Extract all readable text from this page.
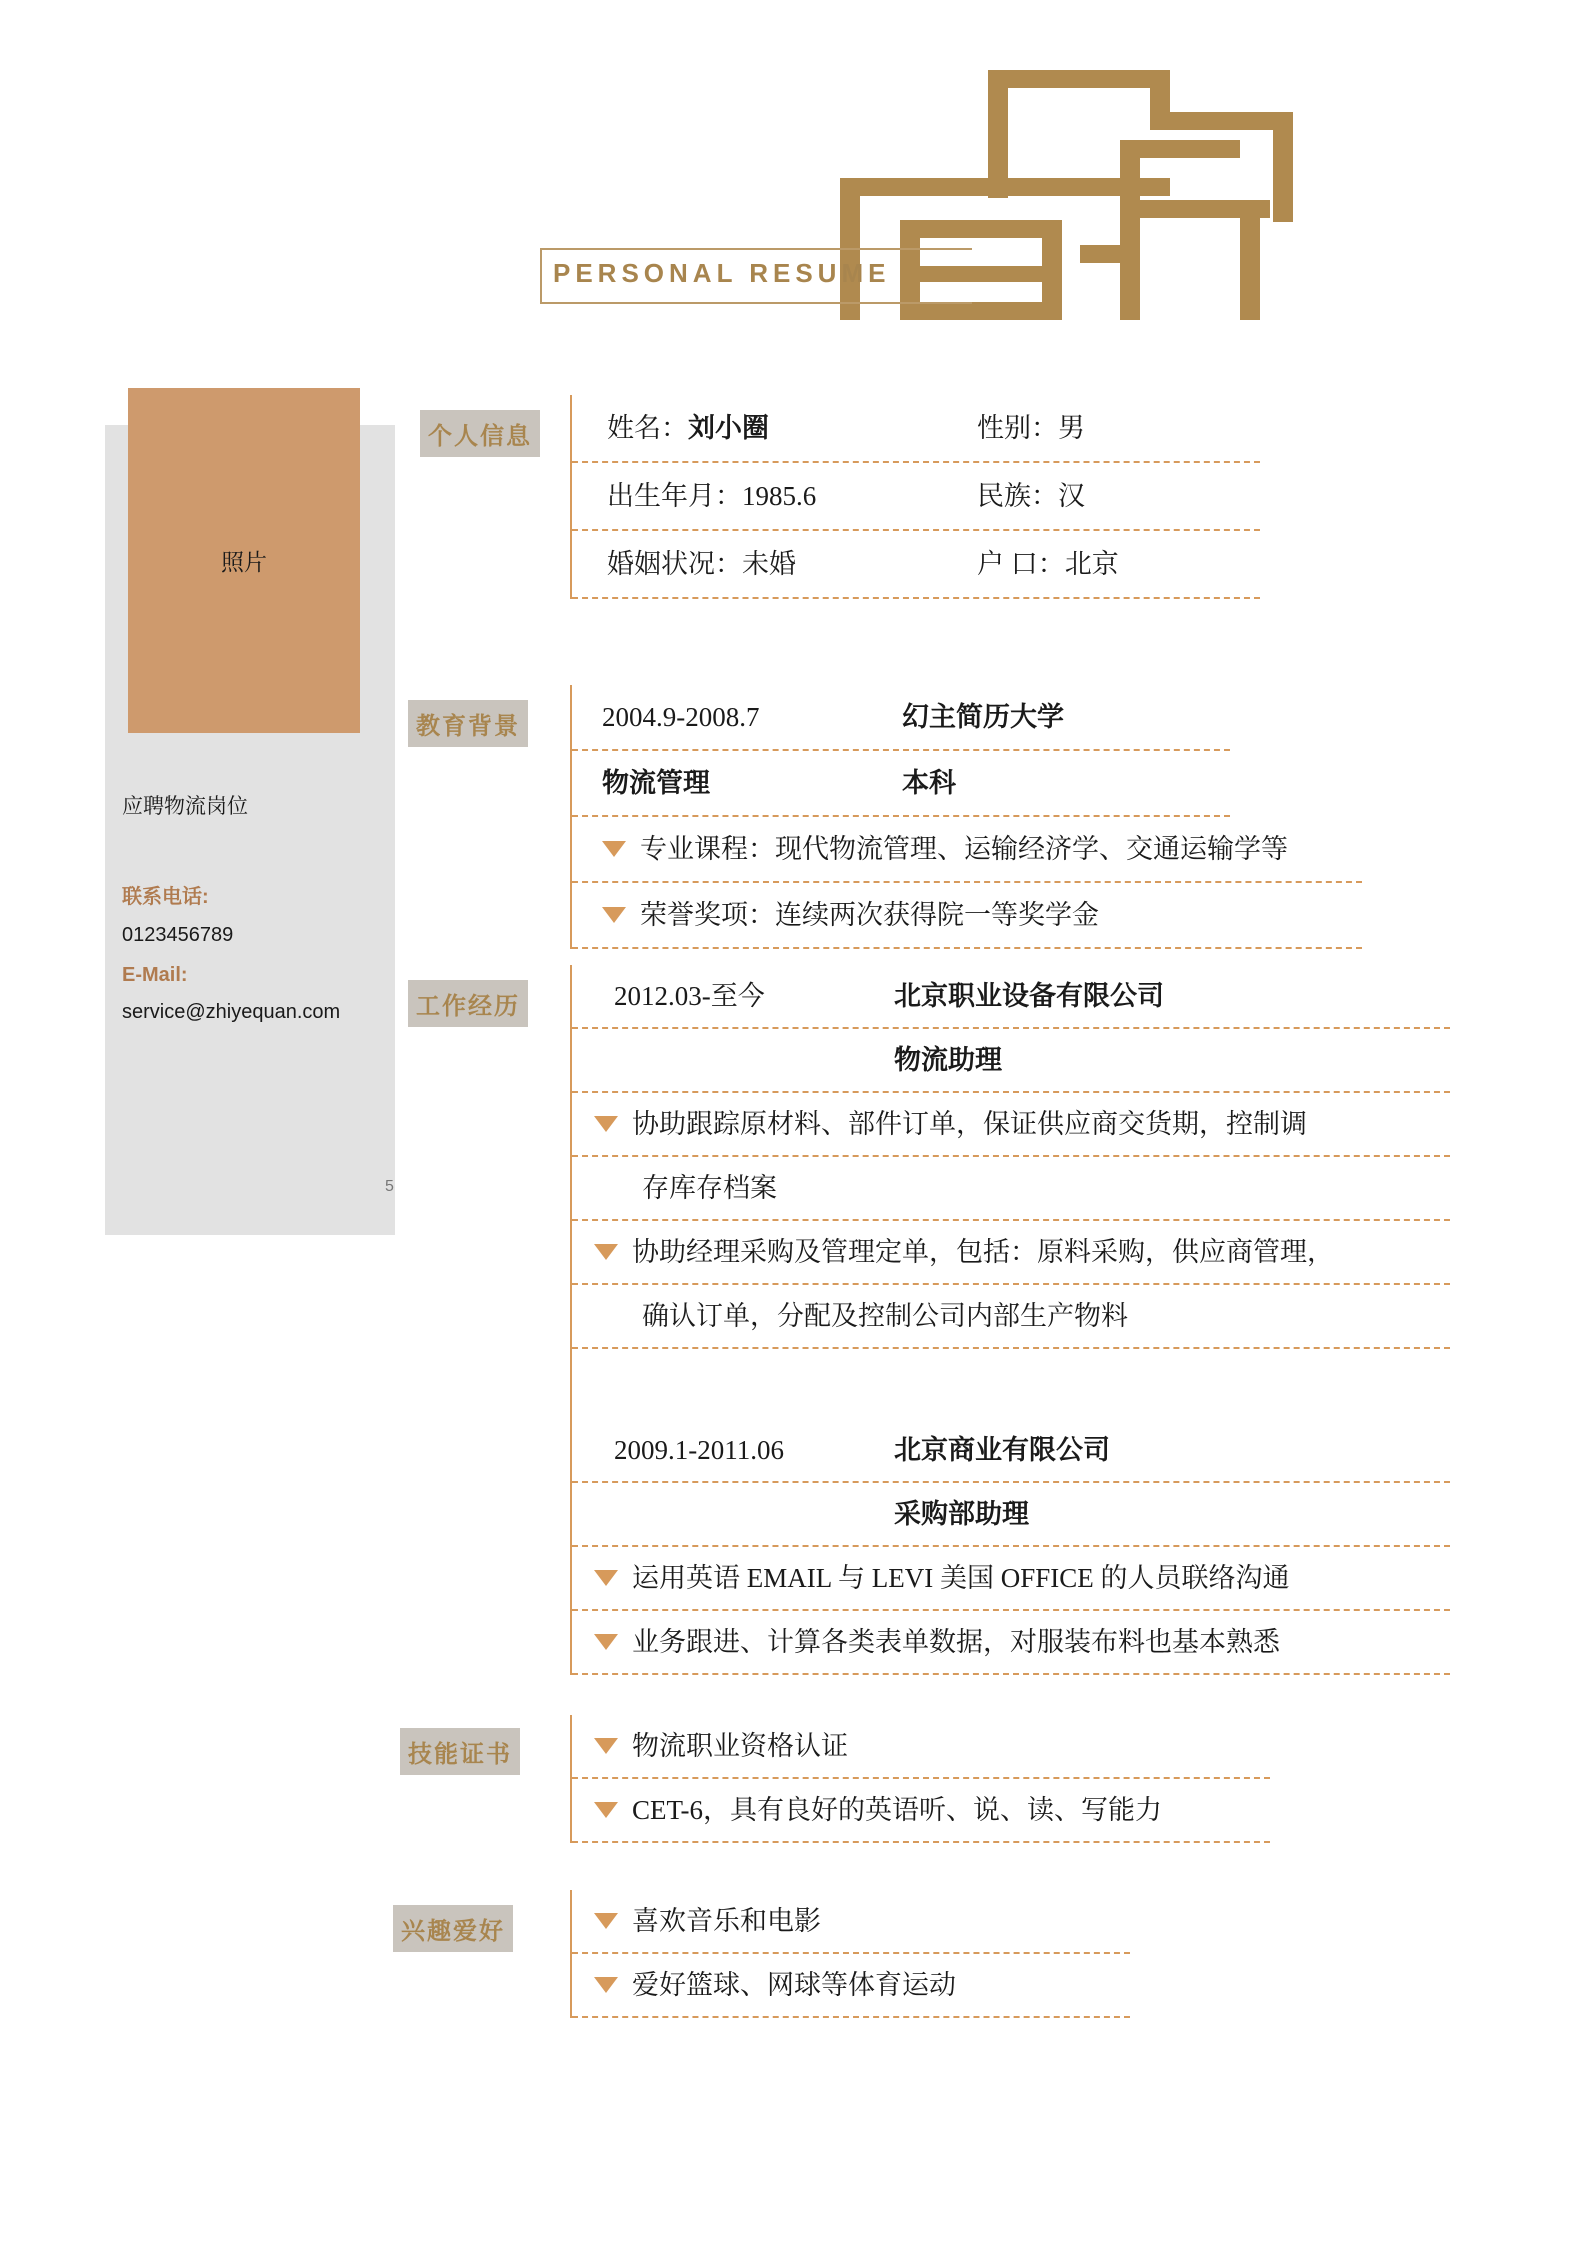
PERSONAL RESUME
照片
应聘物流岗位
联系电话:
0123456789
E-Mail:
service@zhiyequan.com
5
个人信息
教育背景
工作经历
技能证书
兴趣爱好
姓名：刘小圈	性别：男
出生年月：1985.6	民族：汉
婚姻状况：未婚	户 口：北京
2004.9-2008.7	幻主简历大学
物流管理	本科
专业课程：现代物流管理、运输经济学、交通运输学等
荣誉奖项：连续两次获得院一等奖学金
2012.03-至今	北京职业设备有限公司
物流助理
协助跟踪原材料、部件订单，保证供应商交货期，控制调
存库存档案
协助经理采购及管理定单，包括：原料采购，供应商管理，
确认订单，分配及控制公司内部生产物料
2009.1-2011.06	北京商业有限公司
采购部助理
运用英语 EMAIL 与 LEVI 美国 OFFICE 的人员联络沟通
业务跟进、计算各类表单数据，对服装布料也基本熟悉
物流职业资格认证
CET-6，具有良好的英语听、说、读、写能力
喜欢音乐和电影
爱好篮球、网球等体育运动
